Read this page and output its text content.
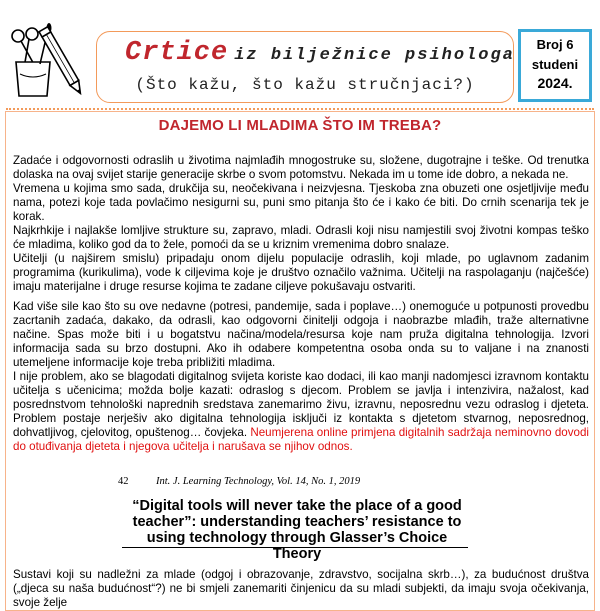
Crtice iz bilježnice psihologa
(Što kažu, što kažu stručnjaci?)
Broj 6
studeni
2024.
DAJEMO LI MLADIMA ŠTO IM TREBA?

Zadaće i odgovornosti odraslih u životima najmlađih mnogostruke su, složene, dugotrajne i teške. Od trenutka dolaska na ovaj svijet starije generacije skrbe o svom potomstvu. Nekada im u tome ide dobro, a nekada ne.

Vremena u kojima smo sada, drukčija su, neočekivana i neizvjesna. Tjeskoba zna obuzeti one osjetljivije među nama, potezi koje tada povlačimo nesigurni su, puni smo pitanja što će i kako će biti. Do crnih scenarija tek je korak.

Najkrhkije i najlakše lomljive strukture su, zapravo, mladi. Odrasli koji nisu namjestili svoj životni kompas teško će mladima, koliko god da to žele, pomoći da se u kriznim vremenima dobro snalaze.

Učitelji (u najširem smislu) pripadaju onom dijelu populacije odraslih, koji mlade, po uglavnom zadanim programima (kurikulima), vode k ciljevima koje je društvo označilo važnima. Učitelji na raspolaganju (najčešće) imaju materijalne i druge resurse kojima te zadane ciljeve pokušavaju ostvariti.

Kad više sile kao što su ove nedavne (potresi, pandemije, sada i poplave…) onemoguće u potpunosti provedbu zacrtanih zadaća, dakako, da odrasli, kao odgovorni činitelji odgoja i naobrazbe mlađih, traže alternativne načine. Spas može biti i u bogatstvu načina/modela/resursa koje nam pruža digitalna tehnologija. Izvori informacija sada su brzo dostupni. Ako ih odabere kompetentna osoba onda su to valjane i na znanosti utemeljene informacije koje treba približiti mladima.

I nije problem, ako se blagodati digitalnog svijeta koriste kao dodaci, ili kao manji nadomjesci izravnom kontaktu učitelja s učenicima; možda bolje kazati: odraslog s djecom. Problem se javlja i intenzivira, nažalost, kad posrednstvom tehnološki naprednih sredstava zanemarimo živu, izravnu, neposrednu vezu odraslog i djeteta. Problem postaje nerješiv ako digitalna tehnologija isključi iz kontakta s djetetom stvarnog, neposrednog, dohvatljivog, cjelovitog, opuštenog… čovjeka. Neumjerena online primjena digitalnih sadržaja neminovno dovodi do otuđivanja djeteta i njegova učitelja i narušava se njihov odnos.

42	Int. J. Learning Technology, Vol. 14, No. 1, 2019
“Digital tools will never take the place of a good teacher”: understanding teachers’ resistance to using technology through Glasser’s Choice Theory
Sustavi koji su nadležni za mlade (odgoj i obrazovanje, zdravstvo, socijalna skrb…), za budućnost društva („djeca su naša budućnost“?) ne bi smjeli zanemariti činjenicu da su mladi subjekti, da imaju svoja očekivanja, svoje želje
